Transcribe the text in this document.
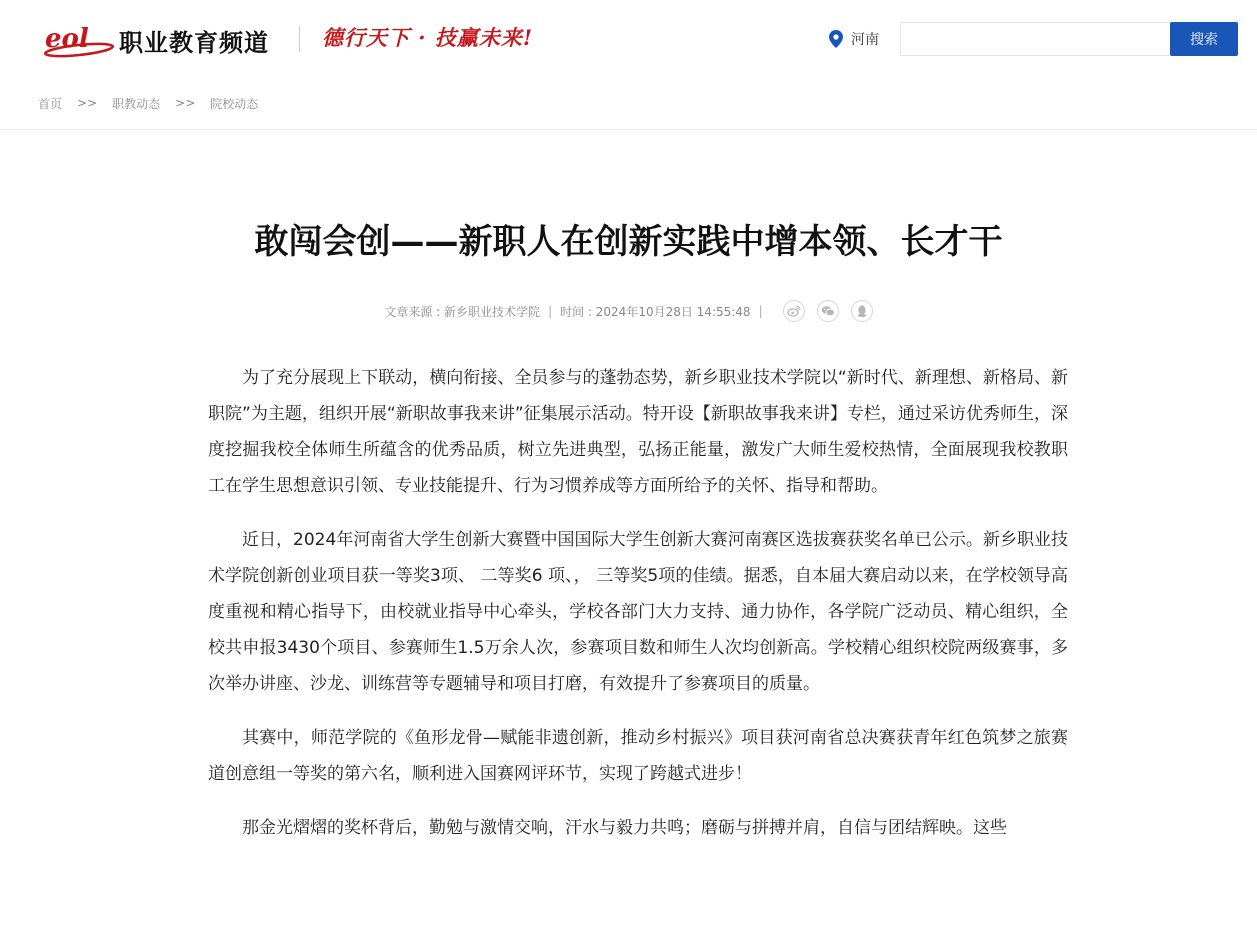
eol 职业教育频道	德行天下 · 技赢未来!	河南	搜索
首页 >> 职教动态 >> 院校动态
敢闯会创——新职人在创新实践中增本领、长才干
文章来源 : 新乡职业技术学院 | 时间 : 2024年10月28日 14:55:48 |

为了充分展现上下联动，横向衔接、全员参与的蓬勃态势，新乡职业技术学院以“新时代、新理想、新格局、新职院”为主题，组织开展“新职故事我来讲”征集展示活动。特开设【新职故事我来讲】专栏，通过采访优秀师生，深度挖掘我校全体师生所蕴含的优秀品质，树立先进典型，弘扬正能量，激发广大师生爱校热情，全面展现我校教职工在学生思想意识引领、专业技能提升、行为习惯养成等方面所给予的关怀、指导和帮助。

近日，2024年河南省大学生创新大赛暨中国国际大学生创新大赛河南赛区选拔赛获奖名单已公示。新乡职业技术学院创新创业项目获一等奖3项、 二等奖6 项、， 三等奖5项的佳绩。据悉，自本届大赛启动以来，在学校领导高度重视和精心指导下，由校就业指导中心牵头，学校各部门大力支持、通力协作，各学院广泛动员、精心组织，全校共申报3430个项目、参赛师生1.5万余人次，参赛项目数和师生人次均创新高。学校精心组织校院两级赛事，多次举办讲座、沙龙、训练营等专题辅导和项目打磨，有效提升了参赛项目的质量。

其赛中，师范学院的《鱼形龙骨—赋能非遗创新，推动乡村振兴》项目获河南省总决赛获青年红色筑梦之旅赛道创意组一等奖的第六名，顺利进入国赛网评环节，实现了跨越式进步！

那金光熠熠的奖杯背后，勤勉与激情交响，汗水与毅力共鸣；磨砺与拼搏并肩，自信与团结辉映。这些
